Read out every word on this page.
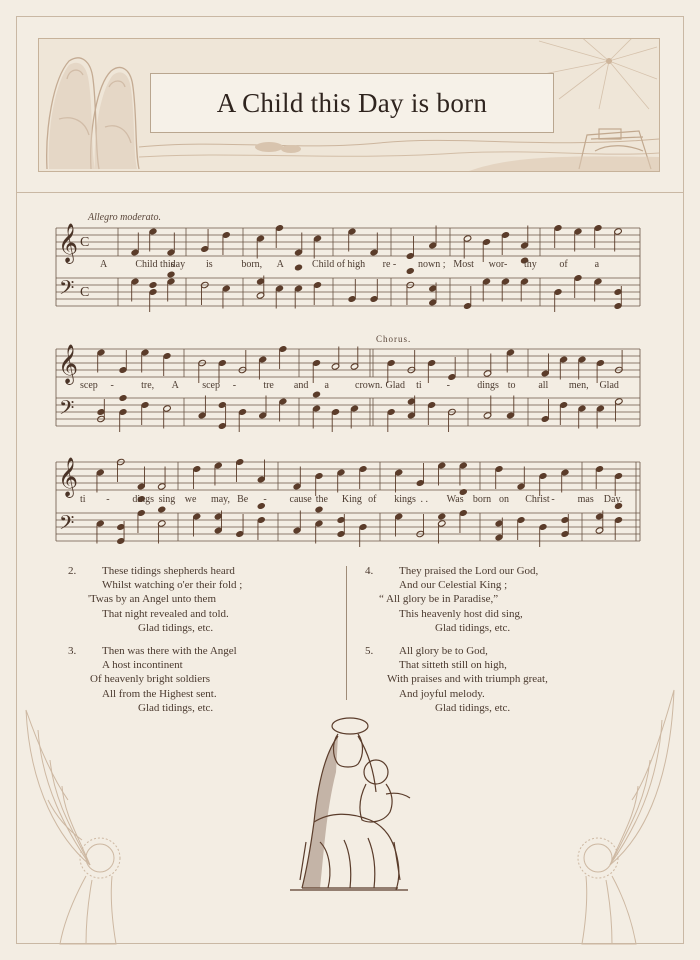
A Child this Day is born
𝄞
𝄢
C
C
𝄞
𝄢
𝄞
𝄢
Allegro moderato.
Chorus.
A	Child this
day is	born, A	Child of high re - nown ; Most wor- thy of	a
scep -	tre, A scep -	tre and a	crown. Glad ti -	dings to all men, Glad
ti - dings sing we may, Be - cause the King of kings . . Was born on Christ - mas Day.
2. These tidings shepherds heard
Whilst watching o'er their fold ;
'Twas by an Angel unto them
That night revealed and told.
Glad tidings, etc.
3. Then was there with the Angel
A host incontinent
Of heavenly bright soldiers
All from the Highest sent.
Glad tidings, etc.
4. They praised the Lord our God,
And our Celestial King ;
“ All glory be in Paradise,”
This heavenly host did sing,
Glad tidings, etc.
5. All glory be to God,
That sitteth still on high,
With praises and with triumph great,
And joyful melody.
Glad tidings, etc.
